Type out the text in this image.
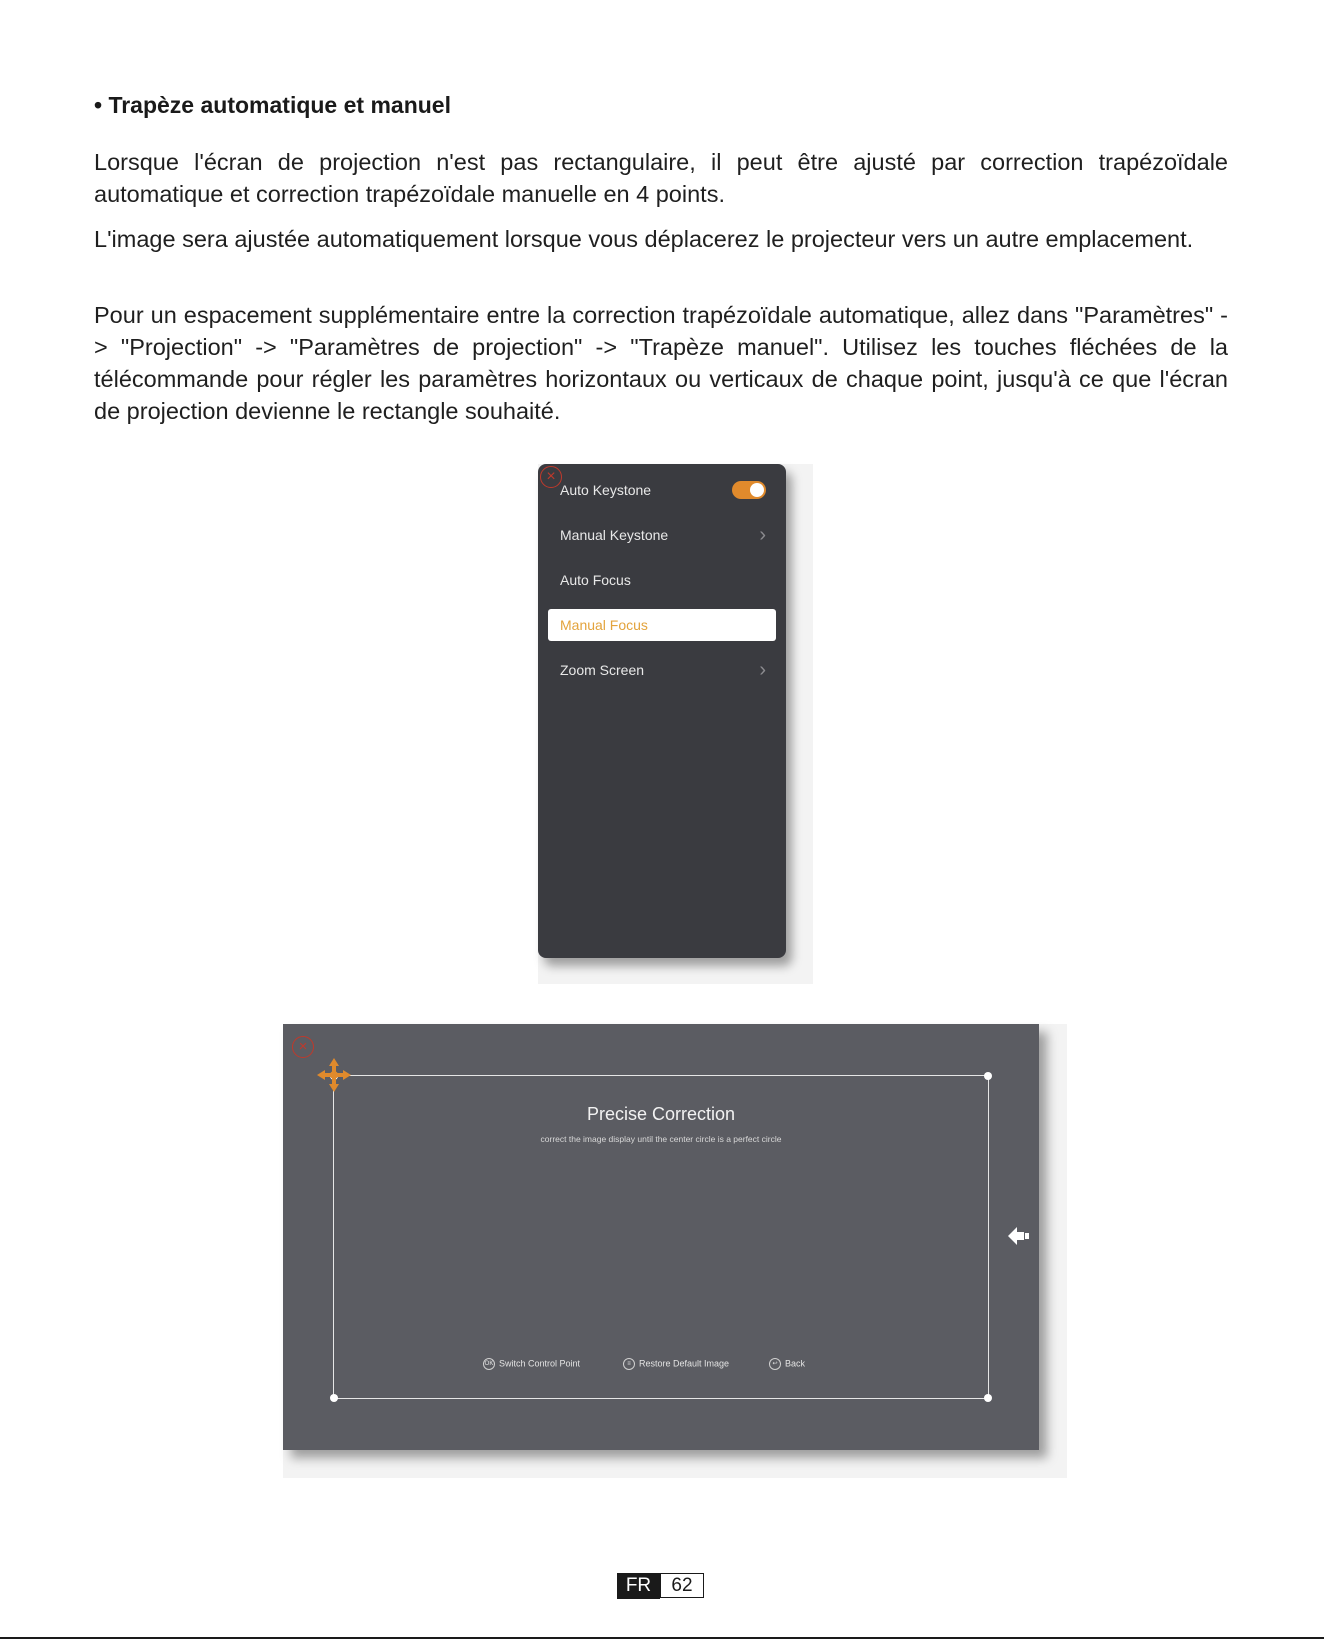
• Trapèze automatique et manuel

Lorsque l'écran de projection n'est pas rectangulaire, il peut être ajusté par correction trapézoïdale automatique et correction trapézoïdale manuelle en 4 points.

L'image sera ajustée automatiquement lorsque vous déplacerez le projecteur vers un autre emplacement.

Pour un espacement supplémentaire entre la correction trapézoïdale automatique, allez dans "Paramètres" -> "Projection" -> "Paramètres de projection" -> "Trapèze manuel". Utilisez les touches fléchées de la télécommande pour régler les paramètres horizontaux ou verticaux de chaque point, jusqu'à ce que l'écran de projection devienne le rectangle souhaité.

×
Auto Keystone
Manual Keystone	›
Auto Focus
Manual Focus
Zoom Screen	›
×
Precise Correction
correct the image display until the center circle is a perfect circle
OK Switch Control Point	≡ Restore Default Image	↩ Back
FR	62
